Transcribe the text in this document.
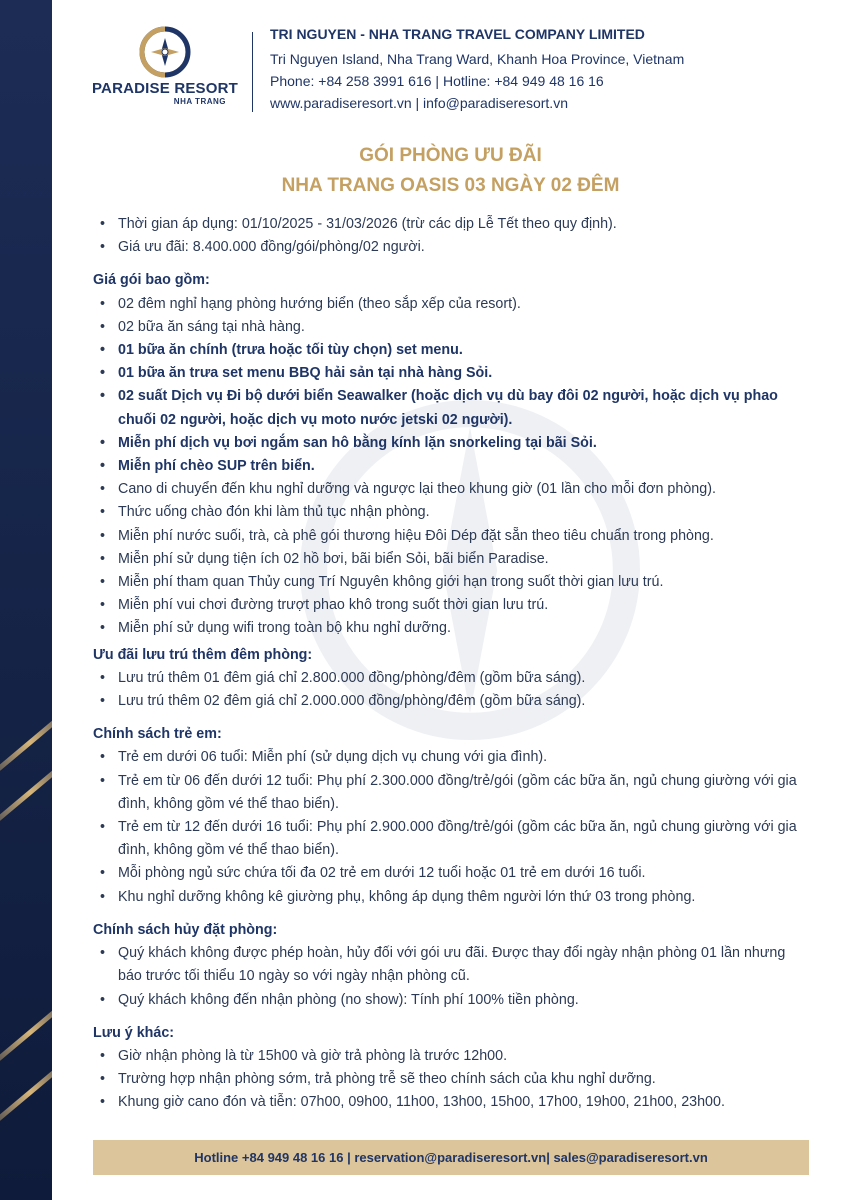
PARADISE RESORT
NHA TRANG
TRI NGUYEN - NHA TRANG TRAVEL COMPANY LIMITED
Tri Nguyen Island, Nha Trang Ward, Khanh Hoa Province, Vietnam
Phone: +84 258 3991 616 | Hotline: +84 949 48 16 16
www.paradiseresort.vn | info@paradiseresort.vn
GÓI PHÒNG ƯU ĐÃI
NHA TRANG OASIS 03 NGÀY 02 ĐÊM
• Thời gian áp dụng: 01/10/2025 - 31/03/2026 (trừ các dịp Lễ Tết theo quy định).
• Giá ưu đãi: 8.400.000 đồng/gói/phòng/02 người.
Giá gói bao gồm:
• 02 đêm nghỉ hạng phòng hướng biển (theo sắp xếp của resort).
• 02 bữa ăn sáng tại nhà hàng.
• 01 bữa ăn chính (trưa hoặc tối tùy chọn) set menu.
• 01 bữa ăn trưa set menu BBQ hải sản tại nhà hàng Sỏi.
• 02 suất Dịch vụ Đi bộ dưới biển Seawalker (hoặc dịch vụ dù bay đôi 02 người, hoặc dịch vụ phao chuối 02 người, hoặc dịch vụ moto nước jetski 02 người).
• Miễn phí dịch vụ bơi ngắm san hô bằng kính lặn snorkeling tại bãi Sỏi.
• Miễn phí chèo SUP trên biển.
• Cano di chuyển đến khu nghỉ dưỡng và ngược lại theo khung giờ (01 lần cho mỗi đơn phòng).
• Thức uống chào đón khi làm thủ tục nhận phòng.
• Miễn phí nước suối, trà, cà phê gói thương hiệu Đôi Dép đặt sẵn theo tiêu chuẩn trong phòng.
• Miễn phí sử dụng tiện ích 02 hồ bơi, bãi biển Sỏi, bãi biển Paradise.
• Miễn phí tham quan Thủy cung Trí Nguyên không giới hạn trong suốt thời gian lưu trú.
• Miễn phí vui chơi đường trượt phao khô trong suốt thời gian lưu trú.
• Miễn phí sử dụng wifi trong toàn bộ khu nghỉ dưỡng.
Ưu đãi lưu trú thêm đêm phòng:
• Lưu trú thêm 01 đêm giá chỉ 2.800.000 đồng/phòng/đêm (gồm bữa sáng).
• Lưu trú thêm 02 đêm giá chỉ 2.000.000 đồng/phòng/đêm (gồm bữa sáng).
Chính sách trẻ em:
• Trẻ em dưới 06 tuổi: Miễn phí (sử dụng dịch vụ chung với gia đình).
• Trẻ em từ 06 đến dưới 12 tuổi: Phụ phí 2.300.000 đồng/trẻ/gói (gồm các bữa ăn, ngủ chung giường với gia đình, không gồm vé thể thao biển).
• Trẻ em từ 12 đến dưới 16 tuổi: Phụ phí 2.900.000 đồng/trẻ/gói (gồm các bữa ăn, ngủ chung giường với gia đình, không gồm vé thể thao biển).
• Mỗi phòng ngủ sức chứa tối đa 02 trẻ em dưới 12 tuổi hoặc 01 trẻ em dưới 16 tuổi.
• Khu nghỉ dưỡng không kê giường phụ, không áp dụng thêm người lớn thứ 03 trong phòng.
Chính sách hủy đặt phòng:
• Quý khách không được phép hoàn, hủy đối với gói ưu đãi. Được thay đổi ngày nhận phòng 01 lần nhưng báo trước tối thiểu 10 ngày so với ngày nhận phòng cũ.
• Quý khách không đến nhận phòng (no show): Tính phí 100% tiền phòng.
Lưu ý khác:
• Giờ nhận phòng là từ 15h00 và giờ trả phòng là trước 12h00.
• Trường hợp nhận phòng sớm, trả phòng trễ sẽ theo chính sách của khu nghỉ dưỡng.
• Khung giờ cano đón và tiễn: 07h00, 09h00, 11h00, 13h00, 15h00, 17h00, 19h00, 21h00, 23h00.
Hotline +84 949 48 16 16 | reservation@paradiseresort.vn| sales@paradiseresort.vn
